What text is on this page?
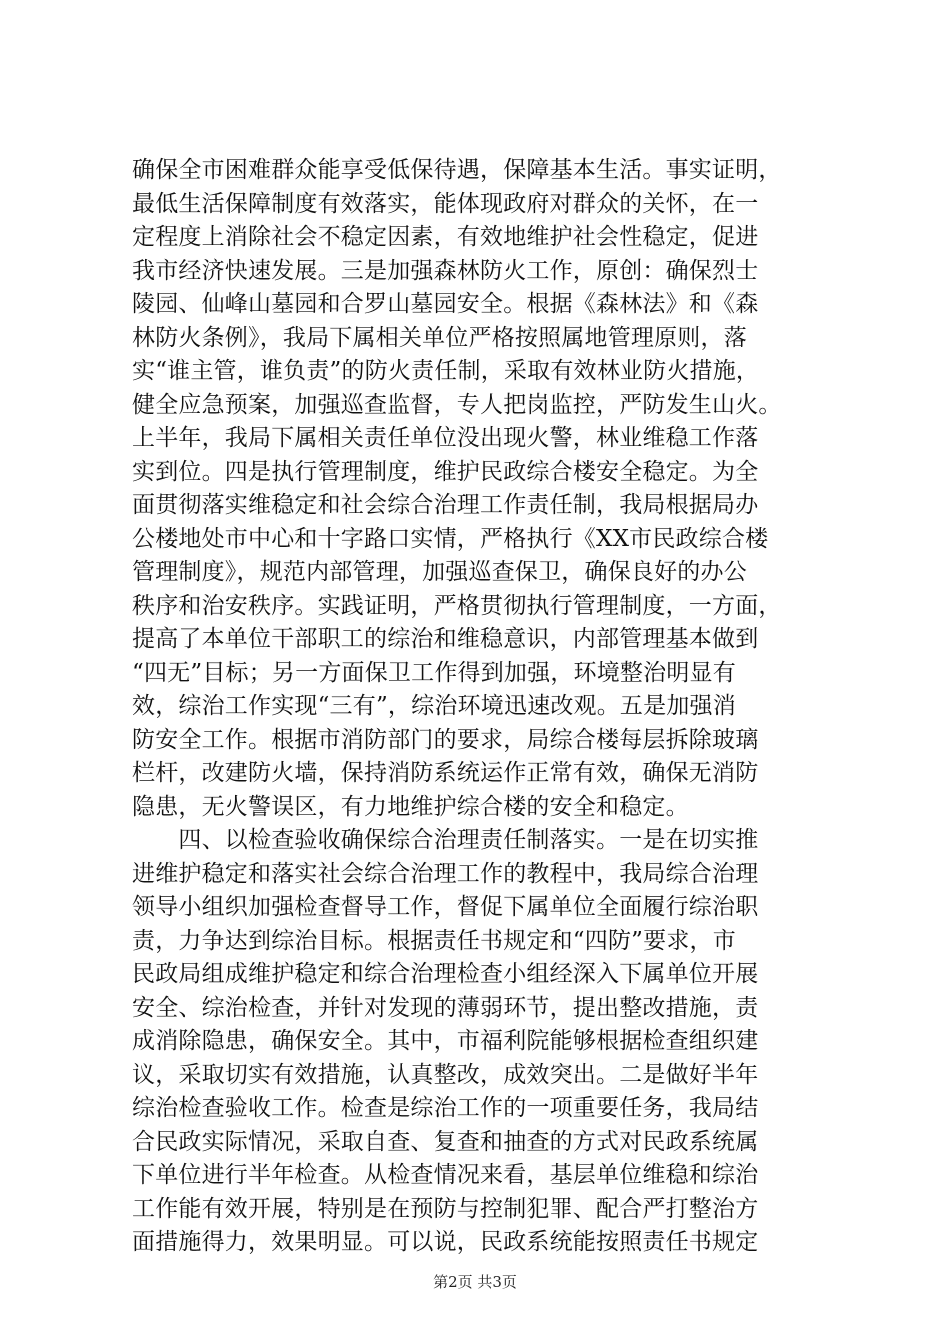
确保全市困难群众能享受低保待遇，保障基本生活。事实证明，
最低生活保障制度有效落实，能体现政府对群众的关怀，在一
定程度上消除社会不稳定因素，有效地维护社会性稳定，促进
我市经济快速发展。三是加强森林防火工作，原创：确保烈士
陵园、仙峰山墓园和合罗山墓园安全。根据《森林法》和《森
林防火条例》，我局下属相关单位严格按照属地管理原则，落
实“谁主管，谁负责”的防火责任制，采取有效林业防火措施，
健全应急预案，加强巡查监督，专人把岗监控，严防发生山火。
上半年，我局下属相关责任单位没出现火警，林业维稳工作落
实到位。四是执行管理制度，维护民政综合楼安全稳定。为全
面贯彻落实维稳定和社会综合治理工作责任制，我局根据局办
公楼地处市中心和十字路口实情，严格执行《XX市民政综合楼
管理制度》，规范内部管理，加强巡查保卫，确保良好的办公
秩序和治安秩序。实践证明，严格贯彻执行管理制度，一方面，
提高了本单位干部职工的综治和维稳意识，内部管理基本做到
“四无”目标；另一方面保卫工作得到加强，环境整治明显有
效，综治工作实现“三有”，综治环境迅速改观。五是加强消
防安全工作。根据市消防部门的要求，局综合楼每层拆除玻璃
栏杆，改建防火墙，保持消防系统运作正常有效，确保无消防
隐患，无火警误区，有力地维护综合楼的安全和稳定。
　　四、以检查验收确保综合治理责任制落实。一是在切实推
进维护稳定和落实社会综合治理工作的教程中，我局综合治理
领导小组织加强检查督导工作，督促下属单位全面履行综治职
责，力争达到综治目标。根据责任书规定和“四防”要求，市
民政局组成维护稳定和综合治理检查小组经深入下属单位开展
安全、综治检查，并针对发现的薄弱环节，提出整改措施，责
成消除隐患，确保安全。其中，市福利院能够根据检查组织建
议，采取切实有效措施，认真整改，成效突出。二是做好半年
综治检查验收工作。检查是综治工作的一项重要任务，我局结
合民政实际情况，采取自查、复查和抽查的方式对民政系统属
下单位进行半年检查。从检查情况来看，基层单位维稳和综治
工作能有效开展，特别是在预防与控制犯罪、配合严打整治方
面措施得力，效果明显。可以说，民政系统能按照责任书规定
第2页 共3页
